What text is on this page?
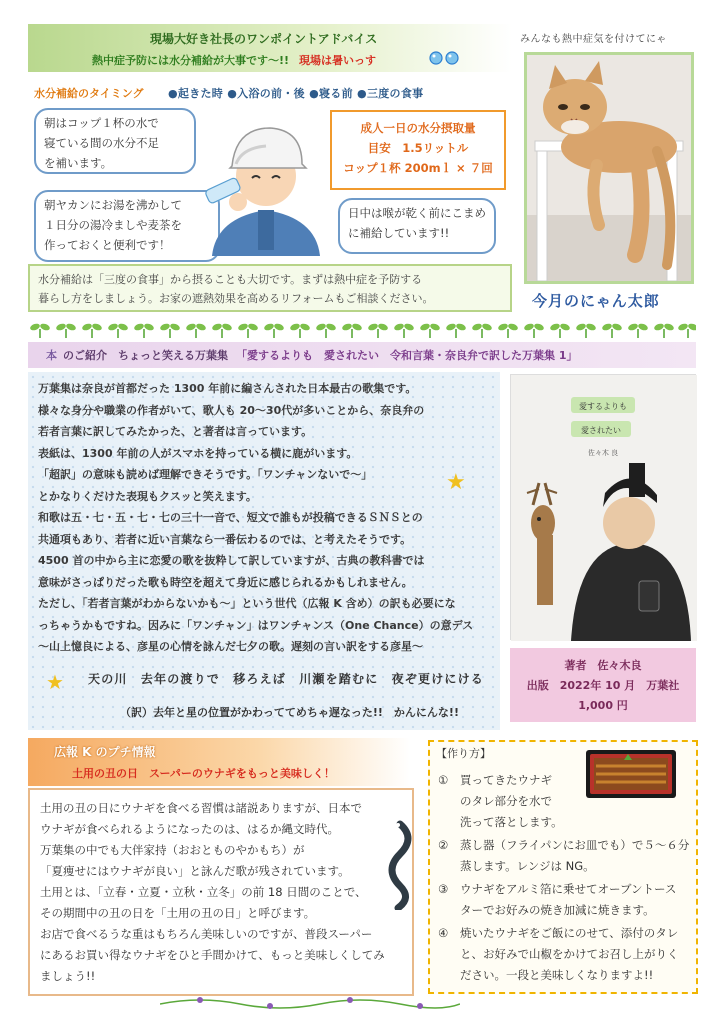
現場大好き社長のワンポイントアドバイス
熱中症予防には水分補給が大事です～!! 現場は暑いっす
水分補給のタイミング ●起きた時 ●入浴の前・後 ●寝る前 ●三度の食事
朝はコップ１杯の水で
寝ている間の水分不足
を補います。
朝ヤカンにお湯を沸かして
１日分の湯冷ましや麦茶を
作っておくと便利です！
成人一日の水分摂取量
目安　1.5リットル
コップ１杯 200mｌ × ７回
日中は喉が乾く前にこまめ
に補給しています!!
水分補給は「三度の食事」から摂ることも大切です。まずは熱中症を予防する
暮らし方をしましょう。お家の遮熱効果を高めるリフォームもご相談ください。
みんなも熱中症気を付けてにゃ
今月のにゃん太郎
本 のご紹介　ちょっと笑える万葉集 「愛するよりも　愛されたい　令和言葉・奈良弁で訳した万葉集 1」

万葉集は奈良が首都だった 1300 年前に編さんされた日本最古の歌集です。

様々な身分や職業の作者がいて、歌人も 20～30代が多いことから、奈良弁の

若者言葉に訳してみたかった、と著者は言っています。

表紙は、1300 年前の人がスマホを持っている横に鹿がいます。

「超訳」の意味も読めば理解できそうです。「ワンチャンないで～」

とかなりくだけた表現もクスッと笑えます。

和歌は五・七・五・七・七の三十一音で、短文で誰もが投稿できるＳＮＳとの

共通項もあり、若者に近い言葉なら一番伝わるのでは、と考えたそうです。

4500 首の中から主に恋愛の歌を抜粋して訳していますが、古典の教科書では

意味がさっぱりだった歌も時空を超えて身近に感じられるかもしれません。

ただし、「若者言葉がわからないかも～」という世代（広報 K 含め）の訳も必要にな

っちゃうかもですね。因みに「ワンチャン」はワンチャンス（One Chance）の意デス

～山上憶良による、彦星の心情を詠んだ七夕の歌。遅刻の言い訳をする彦星～

★
★ 天の川　去年の渡りで　移ろえば　川瀬を踏むに　夜ぞ更けにける
（訳）去年と星の位置がかわっててめちゃ遅なった!!　かんにんな!!
愛するよりも
愛されたい
佐々木 良
著者　佐々木良
出版　2022年 10 月　万葉社
1,000 円
広報 K のプチ情報
土用の丑の日　スーパーのウナギをもっと美味しく！

土用の丑の日にウナギを食べる習慣は諸説ありますが、日本で

ウナギが食べられるようになったのは、はるか縄文時代。

万葉集の中でも大伴家持（おおとものやかもち）が

「夏痩せにはウナギが良い」と詠んだ歌が残されています。

土用とは、「立春・立夏・立秋・立冬」の前 18 日間のことで、

その期間中の丑の日を「土用の丑の日」と呼びます。

お店で食べるうな重はもちろん美味しいのですが、普段スーパー

にあるお買い得なウナギをひと手間かけて、もっと美味しくしてみ

ましょう!!

【作り方】
①	買ってきたウナギ

のタレ部分を水で

洗って落とします。

②	蒸し器（フライパンにお皿でも）で５～６分

蒸します。レンジは NG。

③	ウナギをアルミ箔に乗せてオーブントース

ターでお好みの焼き加減に焼きます。

④	焼いたウナギをご飯にのせて、添付のタレ

と、お好みで山椒をかけてお召し上がりく

ださい。一段と美味しくなりますよ!!
